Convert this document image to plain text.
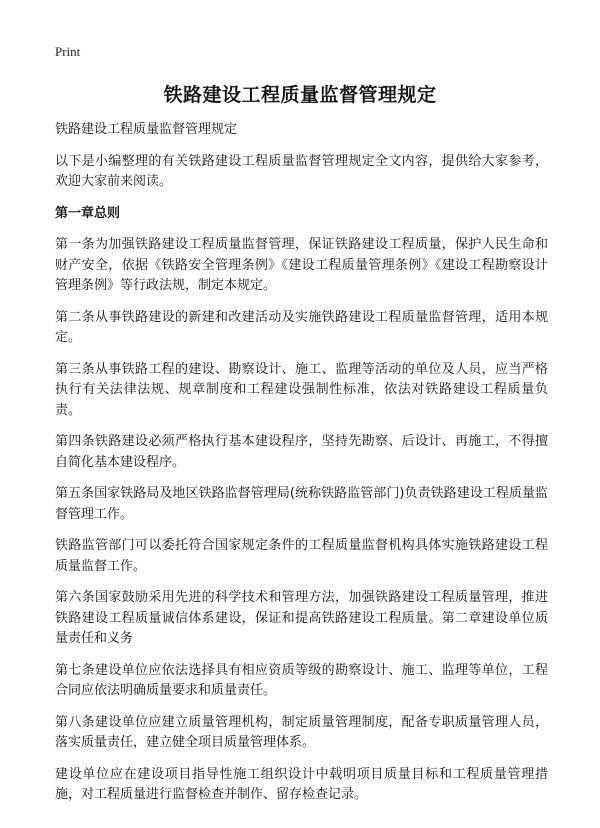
Print
铁路建设工程质量监督管理规定

铁路建设工程质量监督管理规定

以下是小编整理的有关铁路建设工程质量监督管理规定全文内容，提供给大家参考，欢迎大家前来阅读。

第一章总则

第一条为加强铁路建设工程质量监督管理，保证铁路建设工程质量，保护人民生命和财产安全，依据《铁路安全管理条例》《建设工程质量管理条例》《建设工程勘察设计管理条例》等行政法规，制定本规定。

第二条从事铁路建设的新建和改建活动及实施铁路建设工程质量监督管理，适用本规定。

第三条从事铁路工程的建设、勘察设计、施工、监理等活动的单位及人员，应当严格执行有关法律法规、规章制度和工程建设强制性标准，依法对铁路建设工程质量负责。

第四条铁路建设必须严格执行基本建设程序，坚持先勘察、后设计、再施工，不得擅自简化基本建设程序。

第五条国家铁路局及地区铁路监督管理局(统称铁路监管部门)负责铁路建设工程质量监督管理工作。

铁路监管部门可以委托符合国家规定条件的工程质量监督机构具体实施铁路建设工程质量监督工作。

第六条国家鼓励采用先进的科学技术和管理方法，加强铁路建设工程质量管理，推进铁路建设工程质量诚信体系建设，保证和提高铁路建设工程质量。第二章建设单位质量责任和义务

第七条建设单位应依法选择具有相应资质等级的勘察设计、施工、监理等单位，工程合同应依法明确质量要求和质量责任。

第八条建设单位应建立质量管理机构，制定质量管理制度，配备专职质量管理人员，落实质量责任，建立健全项目质量管理体系。

建设单位应在建设项目指导性施工组织设计中载明项目质量目标和工程质量管理措施，对工程质量进行监督检查并制作、留存检查记录。
